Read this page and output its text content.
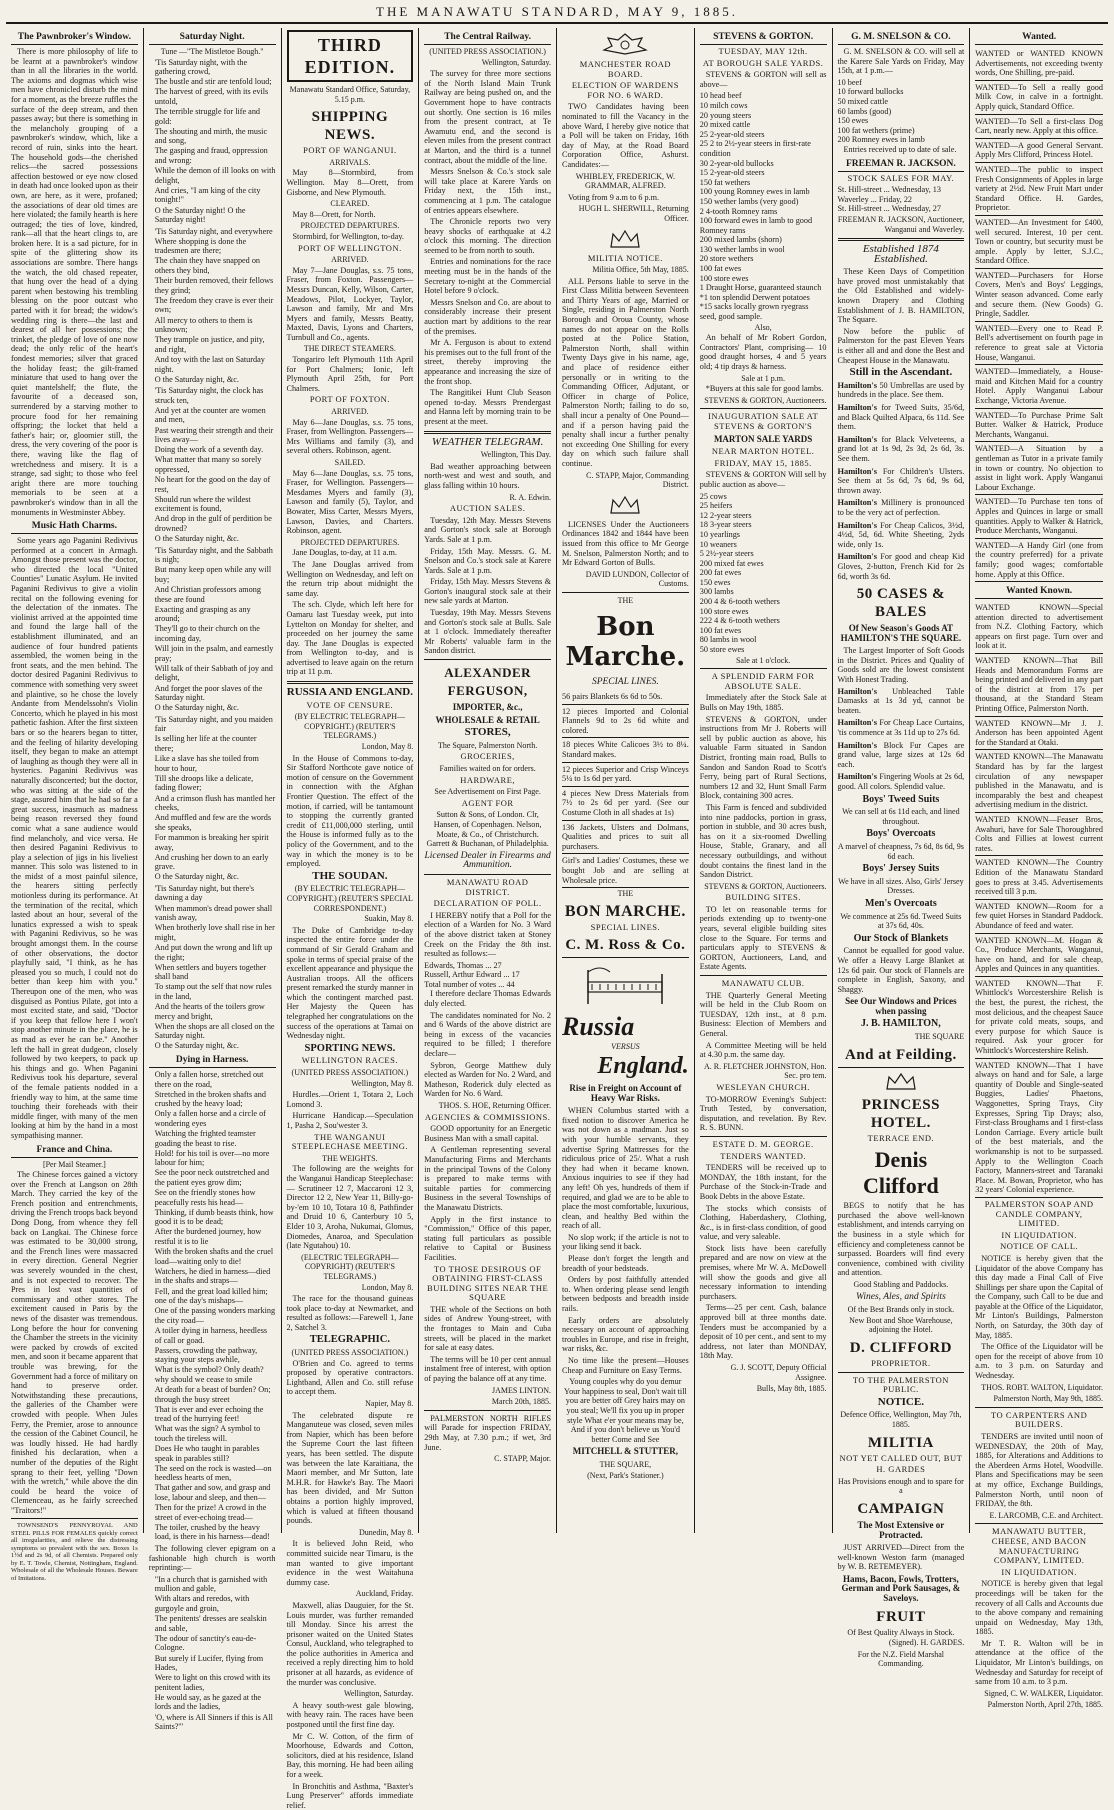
THE MANAWATU STANDARD, MAY 9, 1885.
The Pawnbroker's Window.

There is more philosophy of life to be learnt at a pawnbroker's window than in all the libraries in the world. The axioms and dogmas which wise men have chronicled disturb the mind for a moment, as the breeze ruffles the surface of the deep stream, and then passes away; but there is something in the melancholy grouping of a pawnbroker's window, which, like a record of ruin, sinks into the heart. The household gods—the cherished relics—the sacred possessions affection bestowed or eye now closed in death had once looked upon as their own, are here, as it were, profaned; the associations of dear old times are here violated; the family hearth is here outraged; the ties of love, kindred, rank—all that the heart clings to, are broken here. It is a sad picture, for in spite of the glittering show its associations are sombre. There hangs the watch, the old chased repeater, that hung over the head of a dying parent when bestowing his trembling blessing on the poor outcast who parted with it for bread; the widow's wedding ring is there—the last and dearest of all her possessions; the trinket, the pledge of love of one now dead; the only relic of the heart's fondest memories; silver that graced the holiday feast; the gilt-framed miniature that used to hang over the quiet mantelshelf; the flute, the favourite of a deceased son, surrendered by a starving mother to procure food for her remaining offspring; the locket that held a father's hair; or, gloomier still, the dress, the very covering of the poor is there, waving like the flag of wretchedness and misery. It is a strange, sad sight; to those who feel aright there are more touching memorials to be seen at a pawnbroker's window than in all the monuments in Westminster Abbey.

Music Hath Charms.

Some years ago Paganini Redivivus performed at a concert in Armagh. Amongst those present was the doctor, who directed the local "United Counties" Lunatic Asylum. He invited Paganini Redivivus to give a violin recital on the following evening for the delectation of the inmates. The violinist arrived at the appointed time and found the large hall of the establishment illuminated, and an audience of four hundred patients assembled, the women being in the front seats, and the men behind. The doctor desired Paganini Redivivus to commence with something very sweet and plaintive, so he chose the lovely Andante from Mendelssohn's Violin Concerto, which he played in his most pathetic fashion. After the first sixteen bars or so the hearers began to titter, and the feeling of hilarity developing itself, they began to make an attempt of laughing as though they were all in hysterics. Paganini Redivivus was naturally disconcerted; but the doctor, who was sitting at the side of the stage, assured him that he had so far a great success, inasmuch as madness being reason reversed they found comic what a sane audience would find melancholy, and vice versa. He then desired Paganini Redivivus to play a selection of jigs in his liveliest manner. This solo was listened to in the midst of a most painful silence, the hearers sitting perfectly motionless during its performance. At the termination of the recital, which lasted about an hour, several of the lunatics expressed a wish to speak with Paganini Redivivus, so he was brought amongst them. In the course of other observations, the doctor playfully said, "I think, as he has pleased you so much, I could not do better than keep him with you." Thereupon one of the men, who was disguised as Pontius Pilate, got into a most excited state, and said, "Doctor if you keep that fellow here I won't stop another minute in the place, he is as mad as ever he can be." Another left the hall in great dudgeon, closely followed by two keepers, to pack up his things and go. When Paganini Redivivus took his departure, several of the female patients nodded in a friendly way to him, at the same time touching their foreheads with their middle finger, with many of the men looking at him by the hand in a most sympathising manner.

France and China.
[Per Mail Steamer.]

The Chinese forces gained a victory over the French at Langson on 28th March. They carried the key of the French position and entrenchments, driving the French troops back beyond Dong Dong, from whence they fell back on Langkai. The Chinese force was estimated to be 30,000 strong, and the French lines were massacred in every direction. General Negrier was severely wounded in the chest, and is not expected to recover. The Pres in lost vast quantities of commissary and other stores. The excitement caused in Paris by the news of the disaster was tremendous. Long before the hour for convening the Chamber the streets in the vicinity were packed by crowds of excited men, and soon it became apparent that trouble was brewing, for the Government had a force of military on hand to preserve order. Notwithstanding these precautions, the galleries of the Chamber were crowded with people. When Jules Ferry, the Premier, arose to announce the cession of the Cabinet Council, he was loudly hissed. He had hardly finished his declaration, when a number of the deputies of the Right sprang to their feet, yelling "Down with the wretch," while above the din could be heard the voice of Clemenceau, as he fairly screeched "Traitors!"

TOWNSEND'S PENNYROYAL AND STEEL PILLS FOR FEMALES quickly correct all irregularities, and relieve the distressing symptoms so prevalent with the sex. Boxes 1s 1½d and 2s 9d, of all Chemists. Prepared only by E. T. Towle, Chemist, Nottingham, England. Wholesale of all the Wholesale Houses. Beware of Imitations.

Saturday Night.
Tune —"The Mistletoe Bough."
'Tis Saturday night, with the gathering crowd,
The bustle and stir are tenfold loud;
The harvest of greed, with its evils untold,
The terrible struggle for life and gold:
The shouting and mirth, the music and song,
The gasping and fraud, oppression and wrong:
While the demon of ill looks on with delight,
And cries, "I am king of the city tonight!"
O the Saturday night! O the Saturday night!
'Tis Saturday night, and everywhere
Where shopping is done the tradesmen are there;
The chain they have snapped on others they bind,
Their burden removed, their fellows they grind;
The freedom they crave is ever their own;
All mercy to others to them is unknown;
They trample on justice, and pity, and right,
And toy with the last on Saturday night.
O the Saturday night, &c.
'Tis Saturday night, the clock has struck ten,
And yet at the counter are women and men,
Past wearing their strength and their lives away—
Doing the work of a seventh day.
What matter that many so sorely oppressed,
No heart for the good on the day of rest,
Should run where the wildest excitement is found,
And drop in the gulf of perdition be drowned?
O the Saturday night, &c.
'Tis Saturday night, and the Sabbath is nigh;
But many keep open while any will buy;
And Christian professors among these are found
Exacting and grasping as any around;
They'll go to their church on the incoming day,
Will join in the psalm, and earnestly pray;
Will talk of their Sabbath of joy and delight,
And forget the poor slaves of the Saturday night.
O the Saturday night, &c.
'Tis Saturday night, and you maiden fair
Is selling her life at the counter there;
Like a slave has she toiled from hour to hour,
Till she droops like a delicate, fading flower;
And a crimson flush has mantled her cheeks,
And muffled and few are the words she speaks,
For mammon is breaking her spirit away,
And crushing her down to an early grave.
O the Saturday night, &c.
'Tis Saturday night, but there's dawning a day
When mammon's dread power shall vanish away,
When brotherly love shall rise in her might,
And put down the wrong and lift up the right;
When settlers and buyers together shall band
To stamp out the self that now rules in the land,
And the hearts of the toilers grow mercy and bright,
When the shops are all closed on the Saturday night.
O the Saturday night, &c.
Dying in Harness.
Only a fallen horse, stretched out there on the road,
Stretched in the broken shafts and crushed by the heavy load;
Only a fallen horse and a circle of wondering eyes
Watching the frighted teamster goading the beast to rise.
Hold! for his toil is over—no more labour for him;
See the poor neck outstretched and the patient eyes grow dim;
See on the friendly stones how peacefully rests his head—
Thinking, if dumb beasts think, how good it is to be dead;
After the burdened journey, how restful it is to lie
With the broken shafts and the cruel load—waiting only to die!
Watchers, he died in harness—died in the shafts and straps—
Fell, and the great load killed him; one of the day's mishaps—
One of the passing wonders marking the city road—
A toiler dying in harness, heedless of call or goad.
Passers, crowding the pathway, staying your steps awhile,
What is the symbol? Only death? why should we cease to smile
At death for a beast of burden? On; through the busy street
That is ever and ever echoing the tread of the hurrying feet!
What was the sign? A symbol to touch the tireless will.
Does He who taught in parables speak in parables still?
The seed on the rock is wasted—on heedless hearts of men,
That gather and sow, and grasp and lose, labour and sleep, and then—
Then for the prize! A crowd in the street of ever-echoing tread—
The toiler, crushed by the heavy load, is there in his harness—dead!

The following clever epigram on a fashionable high church is worth reprinting:—

"In a church that is garnished with mullion and gable,
With altars and reredos, with gurgoyle and groin,
The penitents' dresses are sealskin and sable,
The odour of sanctity's eau-de-Cologne.
But surely if Lucifer, flying from Hades,
Were to light on this crowd with its penitent ladies,
He would say, as he gazed at the lords and the ladies,
'O, where is All Sinners if this is All Saints?'"
THIRD EDITION.
Manawatu Standard Office, Saturday, 5.15 p.m.
SHIPPING NEWS.
PORT OF WANGANUI.
ARRIVALS.

May 8—Stormbird, from Wellington. May 8—Orett, from Gisborne, and New Plymouth.

CLEARED.

May 8—Orett, for North.

PROJECTED DEPARTURES.

Stormbird, for Wellington, to-day.

PORT OF WELLINGTON.
ARRIVED.

May 7—Jane Douglas, s.s. 75 tons, Fraser, from Foxton. Passengers—Messrs Duncan, Kelly, Wilson, Carter, Meadows, Pilot, Lockyer, Taylor, Lawson and family, Mr and Mrs Myers and family, Messrs Beatty, Maxted, Davis, Lyons and Charters, Turnbull and Co., agents.

THE DIRECT STEAMERS.

Tongariro left Plymouth 11th April for Port Chalmers; Ionic, left Plymouth April 25th, for Port Chalmers.

PORT OF FOXTON.
ARRIVED.

May 6—Jane Douglas, s.s. 75 tons, Fraser, from Wellington. Passengers—Mrs Williams and family (3), and several others. Robinson, agent.

SAILED.

May 6—Jane Douglas, s.s. 75 tons, Fraser, for Wellington. Passengers—Mesdames Myers and family (3), Lawson and family (5), Taylor, and Bowater, Miss Carter, Messrs Myers, Lawson, Davies, and Charters. Robinson, agent.

PROJECTED DEPARTURES.

Jane Douglas, to-day, at 11 a.m.

The Jane Douglas arrived from Wellington on Wednesday, and left on the return trip about midnight the same day.

The sch. Clyde, which left here for Oamaru last Tuesday week, put into Lyttelton on Monday for shelter, and proceeded on her journey the same day. The Jane Douglas is expected from Wellington to-day, and is advertised to leave again on the return trip at 11 p.m.

RUSSIA AND ENGLAND.
VOTE OF CENSURE.
(BY ELECTRIC TELEGRAPH—COPYRIGHT.) (REUTER'S TELEGRAMS.)
London, May 8.

In the House of Commons to-day, Sir Stafford Northcote gave notice of motion of censure on the Government in connection with the Afghan Frontier Question. The effect of the motion, if carried, will be tantamount to stopping the currently granted credit of £11,000,000 sterling, until the House is informed fully as to the policy of the Government, and to the way in which the money is to be employed.

THE SOUDAN.
(BY ELECTRIC TELEGRAPH—COPYRIGHT.) (REUTER'S SPECIAL CORRESPONDENT.)
Suakin, May 8.

The Duke of Cambridge to-day inspected the entire force under the command of Sir Gerald Graham and spoke in terms of special praise of the excellent appearance and physique the Australian troops. All the officers present remarked the sturdy manner in which the contingent marched past. Her Majesty the Queen has telegraphed her congratulations on the success of the operations at Tamai on Wednesday night.

SPORTING NEWS.
WELLINGTON RACES.
(UNITED PRESS ASSOCIATION.)
Wellington, May 8.

Hurdles.—Orient 1, Totara 2, Loch Lomond 3.

Hurricane Handicap.—Speculation 1, Pasha 2, Sou'wester 3.

THE WANGANUI STEEPLECHASE MEETING.
THE WEIGHTS.

The following are the weights for the Wanganui Handicap Steeplechase:— Scrutineer 12 7, Maccaroni 12 3, Director 12 2, New Year 11, Billy-go-by-'em 10 10, Totara 10 8, Pathfinder and Druid 10 6, Canterbury 10 5, Elder 10 3, Aroha, Nukumai, Glomus, Diomedes, Anaroa, and Speculation (late Ngutahou) 10.

(ELECTRIC TELEGRAPH—COPYRIGHT) (REUTER'S TELEGRAMS.)
London, May 8.

The race for the thousand guineas took place to-day at Newmarket, and resulted as follows:—Farewell 1, Jane 2, Satchel 3.

TELEGRAPHIC.
(UNITED PRESS ASSOCIATION.)

O'Brien and Co. agreed to terms proposed by operative contractors. Lightband, Allen and Co. still refuse to accept them.

Napier, May 8.

The celebrated dispute re Manganuteue was closed, seven miles from Napier, which has been before the Supreme Court the last fifteen years, has been settled. The dispute was between the late Karaitiana, the Maori member, and Mr Sutton, late M.H.R. for Hawke's Bay. The Maori has been divided, and Mr Sutton obtains a portion highly improved, which is valued at fifteen thousand pounds.

Dunedin, May 8.

It is believed John Reid, who committed suicide near Timaru, is the man wanted to give important evidence in the west Waitahuna dummy case.

Auckland, Friday.

Maxwell, alias Dauguier, for the St. Louis murder, was further remanded till Monday. Since his arrest the prisoner waited on the United States Consul, Auckland, who telegraphed to the police authorities in America and received a reply directing him to hold prisoner at all hazards, as evidence of the murder was conclusive.

Wellington, Saturday.

A heavy south-west gale blowing, with heavy rain. The races have been postponed until the first fine day.

Mr C. W. Cotton, of the firm of Moorhouse, Edwards and Cotton, solicitors, died at his residence, Island Bay, this morning. He had been ailing for a week.

In Bronchitis and Asthma, "Baxter's Lung Preserver" affords immediate relief.

The Central Railway.
(UNITED PRESS ASSOCIATION.)
Wellington, Saturday.

The survey for three more sections of the North Island Main Trunk Railway are being pushed on, and the Government hope to have contracts out shortly. One section is 16 miles from the present contract, at Te Awamutu end, and the second is eleven miles from the present contract at Marton, and the third is a tunnel contract, about the middle of the line.

Messrs Snelson & Co.'s stock sale will take place at Karere Yards on Friday next, the 15th inst., commencing at 1 p.m. The catalogue of entries appears elsewhere.

The Chronicle reports two very heavy shocks of earthquake at 4.2 o'clock this morning. The direction seemed to be from north to south.

Entries and nominations for the race meeting must be in the hands of the Secretary to-night at the Commercial Hotel before 9 o'clock.

Messrs Snelson and Co. are about to considerably increase their present auction mart by additions to the rear of the premises.

Mr A. Ferguson is about to extend his premises out to the full front of the street, thereby improving the appearance and increasing the size of the front shop.

The Rangitikei Hunt Club Season opened to-day. Messrs Prendergast and Hanna left by morning train to be present at the meet.

WEATHER TELEGRAM.
Wellington, This Day.

Bad weather approaching between north-west and west and south, and glass falling within 10 hours.

R. A. Edwin.
AUCTION SALES.

Tuesday, 12th May. Messrs Stevens and Gorton's stock sale at Borough Yards. Sale at 1 p.m.

Friday, 15th May. Messrs. G. M. Snelson and Co.'s stock sale at Karere Yards. Sale at 1 p.m.

Friday, 15th May. Messrs Stevens & Gorton's inaugural stock sale at their new sale yards at Marton.

Tuesday, 19th May. Messrs Stevens and Gorton's stock sale at Bulls. Sale at 1 o'clock. Immediately thereafter Mr Roberts' valuable farm in the Sandon district.

ALEXANDER FERGUSON,
IMPORTER, &c.,
WHOLESALE & RETAIL
STORES,
The Square, Palmerston North.
GROCERIES,
Families waited on for orders.
HARDWARE,
See Advertisement on First Page.
AGENT FOR

Sutton & Sons, of London. Clr, Hansen, of Copenhagen. Nelson, Moate, & Co., of Christchurch. Garrett & Buchanan, of Philadelphia.

Licensed Dealer in Firearms and Ammunition.
MANAWATU ROAD DISTRICT.
DECLARATION OF POLL.

I HEREBY notify that a Poll for the election of a Warden for No. 3 Ward of the above district taken at Stoney Creek on the Friday the 8th inst. resulted as follows:—

Edwards, Thomas ... 27
Russell, Arthur Edward ... 17
Total number of votes ... 44

I therefore declare Thomas Edwards duly elected.

The candidates nominated for No. 2 and 6 Wards of the above district are being in excess of the vacancies required to be filled; I therefore declare—

Sybron, George Matthew duly elected as Warden for No. 2 Ward, and Matheson, Roderick duly elected as Warden for No. 6 Ward.

THOS. S. HOE, Returning Officer.
AGENCIES & COMMISSIONS.

GOOD opportunity for an Energetic Business Man with a small capital.

A Gentleman representing several Manufacturing Firms and Merchants in the principal Towns of the Colony is prepared to make terms with suitable parties for commercing Business in the several Townships of the Manawatu Districts.

Apply in the first instance to "Commission," Office of this paper, stating full particulars as possible relative to Capital or Business Facilities.

TO THOSE DESIROUS OF OBTAINING FIRST-CLASS BUILDING SITES NEAR THE SQUARE

THE whole of the Sections on both sides of Andrew Young-street, with the frontages to Main and Cuba streets, will be placed in the market for sale at easy dates.

The terms will be 10 per cent annual instalment free of interest, with option of paying the balance off at any time.

JAMES LINTON.
March 20th, 1885.

PALMERSTON NORTH RIFLES will Parade for inspection FRIDAY, 29th May, at 7.30 p.m.; if wet, 3rd June.

C. STAPP, Major.
MANCHESTER ROAD BOARD.
ELECTION OF WARDENS FOR NO. 6 WARD.

TWO Candidates having been nominated to fill the Vacancy in the above Ward, I hereby give notice that a Poll will be taken on Friday, 16th day of May, at the Road Board Corporation Office, Ashurst. Candidates:—

WHIBLEY, FREDERICK, W. GRAMMAR, ALFRED.

Voting from 9 a.m to 6 p.m.

HUGH L. SHERWILL, Returning Officer.
MILITIA NOTICE.
Militia Office, 5th May, 1885.

ALL Persons liable to serve in the First Class Militia between Seventeen and Thirty Years of age, Married or Single, residing in Palmerston North Borough and Oroua County, whose names do not appear on the Rolls posted at the Police Station, Palmerston North, shall within Twenty Days give in his name, age, and place of residence either personally or in writing to the Commanding Officer, Adjutant, or Officer in charge of Police, Palmerston North; failing to do so, shall incur a penalty of One Pound—and if a person having paid the penalty shall incur a further penalty not exceeding One Shilling for every day on which such failure shall continue.

C. STAPP, Major, Commanding District.

LICENSES Under the Auctioneers Ordinances 1842 and 1844 have been issued from this office to Mr George M. Snelson, Palmerston North; and to Mr Edward Gorton of Bulls.

DAVID LUNDON, Collector of Customs.
THE
Bon Marche.
SPECIAL LINES.
56 pairs Blankets 6s 6d to 50s.
12 pieces Imported and Colonial Flannels 9d to 2s 6d white and colored.
18 pieces White Calicoes 3½ to 8¼. Standard makes.
12 pieces Superior and Crisp Winceys 5¼ to 1s 6d per yard.
4 pieces New Dress Materials from 7½ to 2s 6d per yard. (See our Costume Cloth in all shades at 1s)
136 Jackets, Ulsters and Dolmans, Qualities and prices to suit all purchasers.
Girl's and Ladies' Costumes, these we bought Job and are selling at Wholesale price.
THE
BON MARCHE.
SPECIAL LINES.
C. M. Ross & Co.
Russia
VERSUS
England.
Rise in Freight on Account of Heavy War Risks.

WHEN Columbus started with a fixed notion to discover America he was not down as a madman. Just so with your humble servants, they advertise Spring Mattresses for the ridiculous price of 25/. What a rush they had when it became known. Anxious inquiries to see if they had any left! Oh yes, hundreds of them if required, and glad we are to be able to place the most comfortable, luxurious, clean, and healthy Bed within the reach of all.

No slop work; if the article is not to your liking send it back.

Please don't forget the length and breadth of your bedsteads.

Orders by post faithfully attended to. When ordering please send length between bedposts and breadth inside rails.

Early orders are absolutely necessary on account of approaching troubles in Europe, and rise in freight, war risks, &c.

No time like the present—Houses Cheap and Furniture on Easy Terms.

Young couples why do you demur Your happiness to seal, Don't wait till you are better off Grey hairs may on you steal; We'll fix you up in proper style What e'er your means may be, And if you don't believe us You'd better Come and See

MITCHELL & STUTTER,
THE SQUARE,
(Next, Park's Stationer.)
STEVENS & GORTON.
TUESDAY, MAY 12th.
AT BOROUGH SALE YARDS.

STEVENS & GORTON will sell as above—

10 head beef
10 milch cows
20 young steers
20 mixed cattle
25 2-year-old steers
25 2 to 2½-year steers in first-rate condition
30 2-year-old bullocks
15 2-year-old steers
150 fat wethers
100 young Romney ewes in lamb
150 wether lambs (very good)
2 4-tooth Romney rams
100 forward ewes in lamb to good Romney rams
200 mixed lambs (shorn)
130 wether lambs in wool
20 store wethers
100 fat ewes
100 store ewes
1 Draught Horse, guaranteed staunch
*1 ton splendid Derwent potatoes
*15 sacks locally grown ryegrass seed, good sample.
Also,

An behalf of Mr Robert Gordon, Contractors' Plant, comprising— 10 good draught horses, 4 and 5 years old; 4 tip drays & harness.

Sale at 1 p.m.

*Buyers at this sale for good lambs.

STEVENS & GORTON, Auctioneers.
INAUGURATION SALE AT STEVENS & GORTON'S
MARTON SALE YARDS
NEAR MARTON HOTEL.
FRIDAY, MAY 15, 1885.

STEVENS & GORTON Will sell by public auction as above—

25 cows
25 heifers
12 2-year steers
18 3-year steers
10 yearlings
10 weaners
5 2½-year steers
200 mixed fat ewes
200 fat ewes
150 ewes
300 lambs
200 4 & 6-tooth wethers
100 store ewes
222 4 & 6-tooth wethers
100 fat ewes
80 lambs in wool
50 store ewes
Sale at 1 o'clock.
A SPLENDID FARM FOR ABSOLUTE SALE.

Immediately after the Stock Sale at Bulls on May 19th, 1885.

STEVENS & GORTON, under instructions from Mr J. Roberts will sell by public auction as above, his valuable Farm situated in Sandon District, fronting main road, Bulls to Sandon and Sandon Road to Scott's Ferry, being part of Rural Sections, numbers 12 and 32, Hunt Small Farm Block, containing 300 acres.

This Farm is fenced and subdivided into nine paddocks, portion in grass, portion in stubble, and 30 acres bush, has on it a six-roomed Dwelling House, Stable, Granary, and all necessary outbuildings, and without doubt contains the finest land in the Sandon District.

STEVENS & GORTON, Auctioneers.
BUILDING SITES.

TO let on reasonable terms for periods extending up to twenty-one years, several eligible building sites close to the Square. For terms and particulars apply to STEVENS & GORTON, Auctioneers, Land, and Estate Agents.

MANAWATU CLUB.

THE Quarterly General Meeting will be held in the Club Room on TUESDAY, 12th inst., at 8 p.m. Business: Election of Members and General.

A Committee Meeting will be held at 4.30 p.m. the same day.

A. R. FLETCHER JOHNSTON, Hon. Sec. pro tem.
WESLEYAN CHURCH.

TO-MORROW Evening's Subject: Truth Tested, by conversation, disputation, and revelation. By Rev. R. S. BUNN.

ESTATE D. M. GEORGE.
TENDERS WANTED.

TENDERS will be received up to MONDAY, the 18th instant, for the Purchase of the Stock-in-Trade and Book Debts in the above Estate.

The stocks which consists of Clothing, Haberdashery, Clothing, &c., is in first-class condition, of good value, and very saleable.

Stock lists have been carefully prepared and are now on view at the premises, where Mr W. A. McDowell will show the goods and give all necessary information to intending purchasers.

Terms—25 per cent. Cash, balance approved bill at three months date. Tenders must be accompanied by a deposit of 10 per cent., and sent to my address, not later than MONDAY, 18th May.

G. J. SCOTT, Deputy Official Assignee.
Bulls, May 8th, 1885.
G. M. SNELSON & CO.

G. M. SNELSON & CO. will sell at the Karere Sale Yards on Friday, May 15th, at 1 p.m.—

10 beef
10 forward bullocks
50 mixed cattle
60 lambs (good)
150 ewes
100 fat wethers (prime)
200 Romney ewes in lamb

Entries received up to date of sale.

FREEMAN R. JACKSON.
STOCK SALES FOR MAY.
St. Hill-street ... Wednesday, 13
Waverley ... Friday, 22
St. Hill-street ... Wednesday, 27
FREEMAN R. JACKSON, Auctioneer, Wanganui and Waverley.
Established 1874 Established.

These Keen Days of Competition have proved most unmistakably that the Old Established and widely-known Drapery and Clothing Establishment of J. B. HAMILTON, The Square.

Now before the public of Palmerston for the past Eleven Years is either all and and done the Best and Cheapest House in the Manawatu.

Still in the Ascendant.

Hamilton's 50 Umbrellas are used by hundreds in the place. See them.

Hamilton's for Tweed Suits, 35/6d, and Black Quilted Alpaca, 6s 11d. See them.

Hamilton's for Black Velveteens, a grand lot at 1s 9d, 2s 3d, 2s 6d, 3s. See them.

Hamilton's For Children's Ulsters. See them at 5s 6d, 7s 6d, 9s 6d, thrown away.

Hamilton's Millinery is pronounced to be the very act of perfection.

Hamilton's For Cheap Calicos, 3½d, 4½d, 5d, 6d. White Sheeting, 2yds wide, only 1s.

Hamilton's For good and cheap Kid Gloves, 2-button, French Kid for 2s 6d, worth 3s 6d.

50 CASES & BALES
Of New Season's Goods AT HAMILTON'S THE SQUARE.

The Largest Importer of Soft Goods in the District. Prices and Quality of Goods sold are the lowest consistent With Honest Trading.

Hamilton's Unbleached Table Damasks at 1s 3d yd, cannot be beaten.

Hamilton's For Cheap Lace Curtains, 'tis commence at 3s 11d up to 27s 6d.

Hamilton's Block Fur Capes are grand value, large sizes at 12s 6d each.

Hamilton's Fingering Wools at 2s 6d, good. All colors. Splendid value.

Boys' Tweed Suits
We can sell at 6s 11d each, and lined throughout.
Boys' Overcoats
A marvel of cheapness, 7s 6d, 8s 6d, 9s 6d each.
Boys' Jersey Suits
We have in all sizes. Also, Girls' Jersey Dresses.
Men's Overcoats
We commence at 25s 6d. Tweed Suits at 37s 6d, 40s.
Our Stock of Blankets

Cannot be equalled for good value. We offer a Heavy Large Blanket at 12s 6d pair. Our stock of Flannels are complete in English, Saxony, and Shaggy.

See Our Windows and Prices when passing
J. B. HAMILTON,
THE SQUARE
And at Feilding.
PRINCESS HOTEL.
TERRACE END.
Denis Clifford

BEGS to notify that he has purchased the above well-known establishment, and intends carrying on the business in a style which for efficiency and completeness cannot be surpassed. Boarders will find every convenience, combined with civility and attention.

Good Stabling and Paddocks.
Wines, Ales, and Spirits
Of the Best Brands only in stock.
New Boot and Shoe Warehouse, adjoining the Hotel.
D. CLIFFORD
PROPRIETOR.
TO THE PALMERSTON PUBLIC.
NOTICE.
Defence Office, Wellington, May 7th, 1885.
MILITIA
NOT YET CALLED OUT, BUT
H. GARDES
Has Provisions enough and to spare for a
CAMPAIGN
The Most Extensive or Protracted.

JUST ARRIVED—Direct from the well-known Weston farm (managed by W. B. RETEMEYER).

Hams, Bacon, Fowls, Trotters, German and Pork Sausages, & Saveloys.
FRUIT
Of Best Quality Always in Stock.
(Signed). H. GARDES.
For the N.Z. Field Marshal Commanding.
Wanted.
WANTED or WANTED KNOWN Advertisements, not exceeding twenty words, One Shilling, pre-paid.
WANTED—To Sell a really good Milk Cow, in calve in a fortnight. Apply quick, Standard Office.
WANTED—To Sell a first-class Dog Cart, nearly new. Apply at this office.
WANTED—A good General Servant. Apply Mrs Clifford, Princess Hotel.
WANTED—The public to inspect Fresh Consignments of Apples in large variety at 2½d. New Fruit Mart under Standard Office. H. Gardes, Proprietor.
WANTED—An Investment for £400, well secured. Interest, 10 per cent. Town or country, but security must be ample. Apply by letter, S.J.C., Standard Office.
WANTED—Purchasers for Horse Covers, Men's and Boys' Leggings, Winter season advanced. Come early and secure them. (New Goods) G. Pringle, Saddler.
WANTED—Every one to Read P. Bell's advertisement on fourth page in reference to great sale at Victoria House, Wanganui.
WANTED—Immediately, a House-maid and Kitchen Maid for a country Hotel. Apply Wanganui Labour Exchange, Victoria Avenue.
WANTED—To Purchase Prime Salt Butter. Walker & Hatrick, Produce Merchants, Wanganui.
WANTED—A Situation by a gentleman as Tutor in a private family in town or country. No objection to assist in light work. Apply Wanganui Labour Exchange.
WANTED—To Purchase ten tons of Apples and Quinces in large or small quantities. Apply to Walker & Hatrick, Produce Merchants, Wanganui.
WANTED—A Handy Girl (one from the country preferred) for a private family; good wages; comfortable home. Apply at this Office.
Wanted Known.
WANTED KNOWN—Special attention directed to advertisement from N.Z. Clothing Factory, which appears on first page. Turn over and look at it.
WANTED KNOWN—That Bill Heads and Memorandum Forms are being printed and delivered in any part of the district at from 17s per thousand, at the Standard Steam Printing Office, Palmerston North.
WANTED KNOWN—Mr J. J. Anderson has been appointed Agent for the Standard at Otaki.
WANTED KNOWN—The Manawatu Standard has by far the largest circulation of any newspaper published in the Manawatu, and is incomparably the best and cheapest advertising medium in the district.
WANTED KNOWN—Feaser Bros, Awahuri, have for Sale Thoroughbred Colts and Fillies at lowest current rates.
WANTED KNOWN—The Country Edition of the Manawatu Standard goes to press at 3.45. Advertisements received till 3 p.m.
WANTED KNOWN—Room for a few quiet Horses in Standard Paddock. Abundance of feed and water.
WANTED KNOWN—M. Hogan & Co., Produce Merchants, Wanganui, have on hand, and for sale cheap, Apples and Quinces in any quantities.
WANTED KNOWN—That F. Whittlock's Worcestershire Relish is the best, the purest, the richest, the most delicious, and the cheapest Sauce for private cold meats, soups, and every purpose for which Sauce is required. Ask your grocer for Whittlock's Worcestershire Relish.
WANTED KNOWN—That I have always on hand and for Sale, a large quantity of Double and Single-seated Buggies, Ladies' Phaetons, Waggonettes, Spring Trays, City Expresses, Spring Tip Drays; also, First-class Broughams and 1 first-class London Carriage. Every article built of the best materials, and the workmanship is not to be surpassed. Apply to the Wellington Coach Factory, Manners-street and Taranaki Place. M. Bowan, Proprietor, who has 32 years' Colonial experience.
PALMERSTON SOAP AND CANDLE COMPANY, LIMITED.
IN LIQUIDATION.
NOTICE OF CALL.

NOTICE is hereby given that the Liquidator of the above Company has this day made a Final Call of Five Shillings per share upon the Capital of the Company, such Call to be due and payable at the Office of the Liquidator, Mr Linton's Buildings, Palmerston North, on Saturday, the 30th day of May, 1885.

The Office of the Liquidator will be open for the receipt of above from 10 a.m. to 3 p.m. on Saturday and Wednesday.

THOS. ROBT. WALTON, Liquidator.
Palmerston North, May 9th, 1885.
TO CARPENTERS AND BUILDERS.

TENDERS are invited until noon of WEDNESDAY, the 20th of May, 1885, for Alterations and Additions to the Aberdeen Arms Hotel, Woodville. Plans and Specifications may be seen at my office, Exchange Buildings, Palmerston North, until noon of FRIDAY, the 8th.

E. LARCOMB, C.E. and Architect.
MANAWATU BUTTER, CHEESE, AND BACON MANUFACTURING COMPANY, LIMITED.
IN LIQUIDATION.

NOTICE is hereby given that legal proceedings will be taken for the recovery of all Calls and Accounts due to the above company and remaining unpaid on Wednesday, May 13th, 1885.

Mr T. R. Walton will be in attendance at the office of the Liquidator, Mr Linton's buildings, on Wednesday and Saturday for receipt of same from 10 a.m. to 3 p.m.

Signed, C. W. WALKER, Liquidator.
Palmerston North, April 27th, 1885.
